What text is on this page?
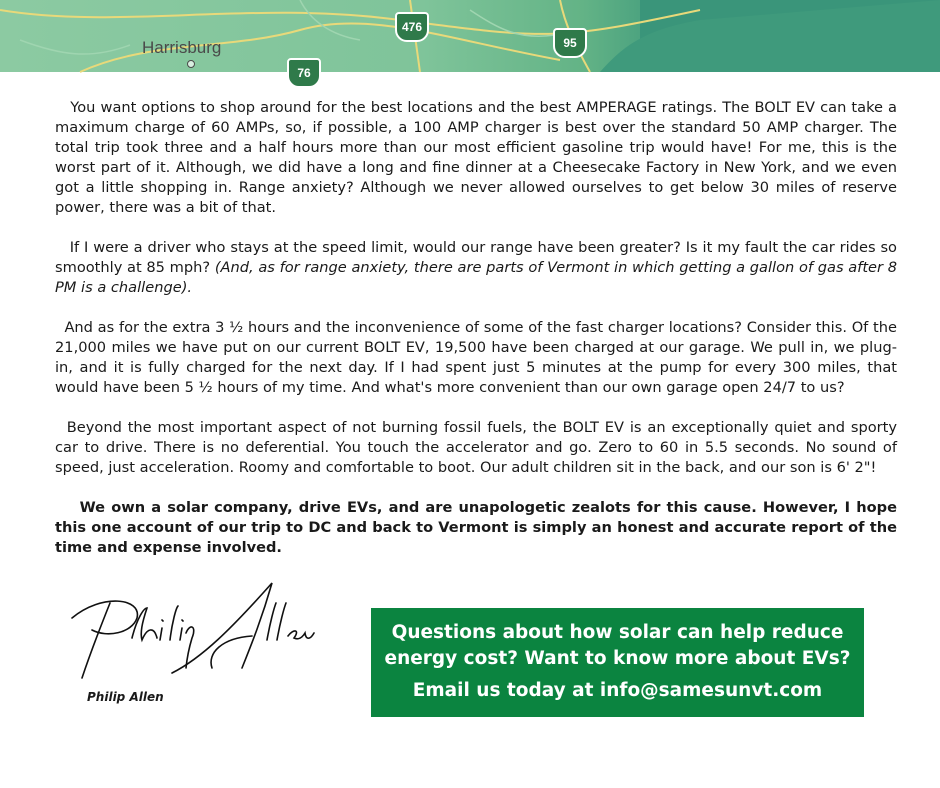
Harrisburg
476
95
76

You want options to shop around for the best locations and the best AMPERAGE ratings. The BOLT EV can take a maximum charge of 60 AMPs, so, if possible, a 100 AMP charger is best over the standard 50 AMP charger. The total trip took three and a half hours more than our most efficient gasoline trip would have! For me, this is the worst part of it. Although, we did have a long and fine dinner at a Cheesecake Factory in New York, and we even got a little shopping in. Range anxiety? Although we never allowed ourselves to get below 30 miles of reserve power, there was a bit of that.

If I were a driver who stays at the speed limit, would our range have been greater? Is it my fault the car rides so smoothly at 85 mph? (And, as for range anxiety, there are parts of Vermont in which getting a gallon of gas after 8 PM is a challenge).

And as for the extra 3 ½ hours and the inconvenience of some of the fast charger locations? Consider this. Of the 21,000 miles we have put on our current BOLT EV, 19,500 have been charged at our garage. We pull in, we plug-in, and it is fully charged for the next day. If I had spent just 5 minutes at the pump for every 300 miles, that would have been 5 ½ hours of my time. And what's more convenient than our own garage open 24/7 to us?

Beyond the most important aspect of not burning fossil fuels, the BOLT EV is an exceptionally quiet and sporty car to drive. There is no deferential. You touch the accelerator and go. Zero to 60 in 5.5 seconds. No sound of speed, just acceleration. Roomy and comfortable to boot. Our adult children sit in the back, and our son is 6' 2"!

We own a solar company, drive EVs, and are unapologetic zealots for this cause. However, I hope this one account of our trip to DC and back to Vermont is simply an honest and accurate report of the time and expense involved.

Philip Allen
Questions about how solar can help reduce
energy cost? Want to know more about EVs?
Email us today at info@samesunvt.com
